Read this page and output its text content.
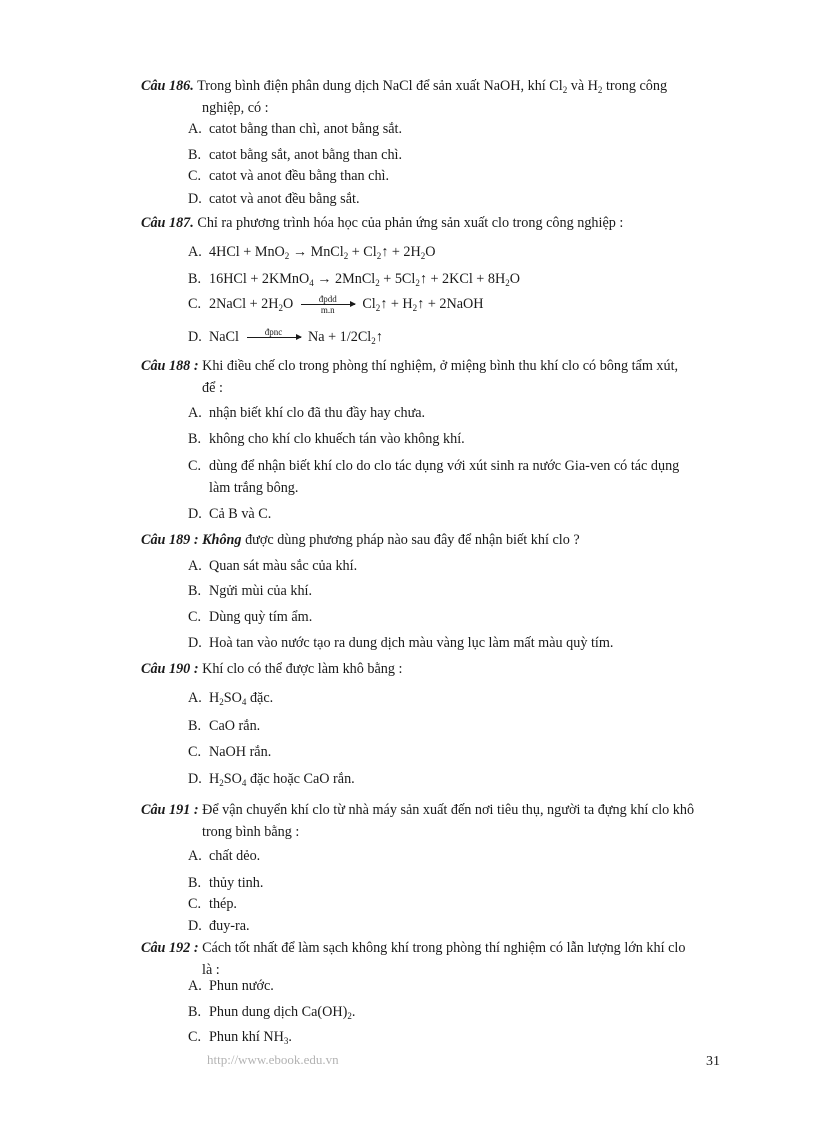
Câu 186. Trong bình điện phân dung dịch NaCl để sản xuất NaOH, khí $Cl_2$ và $H_2$ trong công
nghiệp, có :
A. catot bằng than chì, anot bằng sắt.
B. catot bằng sắt, anot bằng than chì.
C. catot và anot đều bằng than chì.
D. catot và anot đều bằng sắt.
Câu 187. Chỉ ra phương trình hóa học của phản ứng sản xuất clo trong công nghiệp :
A. 4HCl + MnO$_2$ → MnCl$_2$ + $Cl_2↑ + 2H_2O$
B. 16HCl + 2KMnO$_4$ → 2MnCl$_2$ + $5Cl_2↑ + 2KCl + 8H_2O$
C. 2NaCl + $2H_2O$	đpdd
m.n	$Cl_2↑$ + $H_2↑$ + 2NaOH
D. NaCl	đpnc
	$Na + 1/2Cl_2↑$
Câu 188 : Khi điều chế clo trong phòng thí nghiệm, ở miệng bình thu khí clo có bông tẩm xút,
để :
A. nhận biết khí clo đã thu đầy hay chưa.
B. không cho khí clo khuếch tán vào không khí.
C. dùng để nhận biết khí clo do clo tác dụng với xút sinh ra nước Gia-ven có tác dụng
làm trắng bông.
D. Cả B và C.
Câu 189 : Không được dùng phương pháp nào sau đây để nhận biết khí clo ?
A. Quan sát màu sắc của khí.
B. Ngửi mùi của khí.
C. Dùng quỳ tím ẩm.
D. Hoà tan vào nước tạo ra dung dịch màu vàng lục làm mất màu quỳ tím.
Câu 190 : Khí clo có thể được làm khô bằng :
A. $H_2SO_4$ đặc.
B. CaO rắn.
C. NaOH rắn.
D. $H_2SO_4$ đặc hoặc CaO rắn.
Câu 191 : Để vận chuyển khí clo từ nhà máy sản xuất đến nơi tiêu thụ, người ta đựng khí clo khô
trong bình bằng :
A. chất dẻo.
B. thủy tinh.
C. thép.
D. đuy-ra.
Câu 192 : Cách tốt nhất để làm sạch không khí trong phòng thí nghiệm có lẫn lượng lớn khí clo
là :
A. Phun nước.
B. Phun dung dịch $Ca(OH)_2$.
C. Phun khí $NH_3$.
http://www.ebook.edu.vn	31
